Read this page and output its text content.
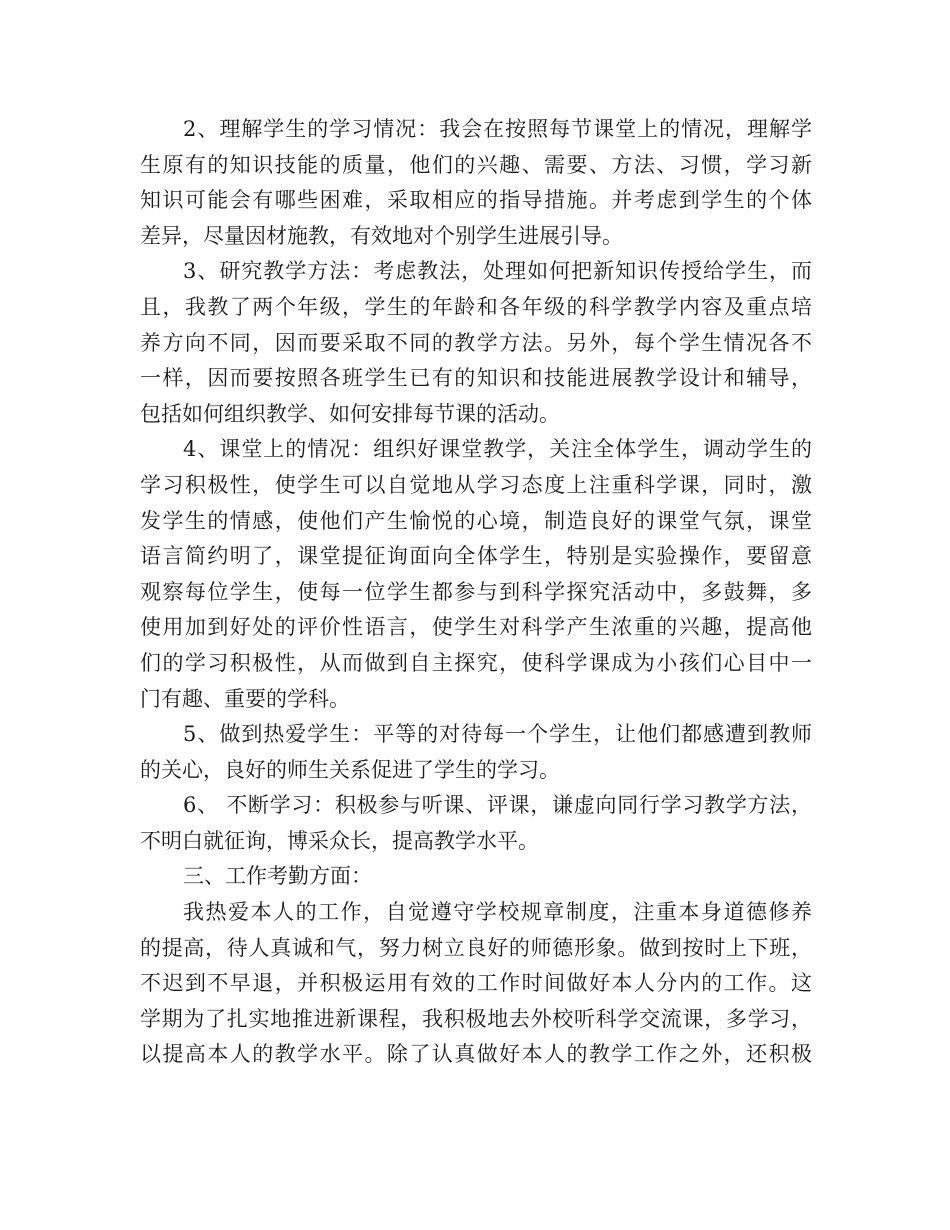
2、理解学生的学习情况：我会在按照每节课堂上的情况，理解学
生原有的知识技能的质量，他们的兴趣、需要、方法、习惯，学习新
知识可能会有哪些困难，采取相应的指导措施。并考虑到学生的个体
差异，尽量因材施教，有效地对个别学生进展引导。
3、研究教学方法：考虑教法，处理如何把新知识传授给学生，而
且，我教了两个年级，学生的年龄和各年级的科学教学内容及重点培
养方向不同，因而要采取不同的教学方法。另外，每个学生情况各不
一样，因而要按照各班学生已有的知识和技能进展教学设计和辅导，
包括如何组织教学、如何安排每节课的活动。
4、课堂上的情况：组织好课堂教学，关注全体学生，调动学生的
学习积极性，使学生可以自觉地从学习态度上注重科学课，同时，激
发学生的情感，使他们产生愉悦的心境，制造良好的课堂气氛，课堂
语言简约明了，课堂提征询面向全体学生，特别是实验操作，要留意
观察每位学生，使每一位学生都参与到科学探究活动中，多鼓舞，多
使用加到好处的评价性语言，使学生对科学产生浓重的兴趣，提高他
们的学习积极性，从而做到自主探究，使科学课成为小孩们心目中一
门有趣、重要的学科。
5、做到热爱学生：平等的对待每一个学生，让他们都感遭到教师
的关心，良好的师生关系促进了学生的学习。
6、 不断学习：积极参与听课、评课，谦虚向同行学习教学方法，
不明白就征询，博采众长，提高教学水平。
三、工作考勤方面：
我热爱本人的工作，自觉遵守学校规章制度，注重本身道德修养
的提高，待人真诚和气，努力树立良好的师德形象。做到按时上下班，
不迟到不早退，并积极运用有效的工作时间做好本人分内的工作。这
学期为了扎实地推进新课程，我积极地去外校听科学交流课，多学习，
以提高本人的教学水平。除了认真做好本人的教学工作之外，还积极
